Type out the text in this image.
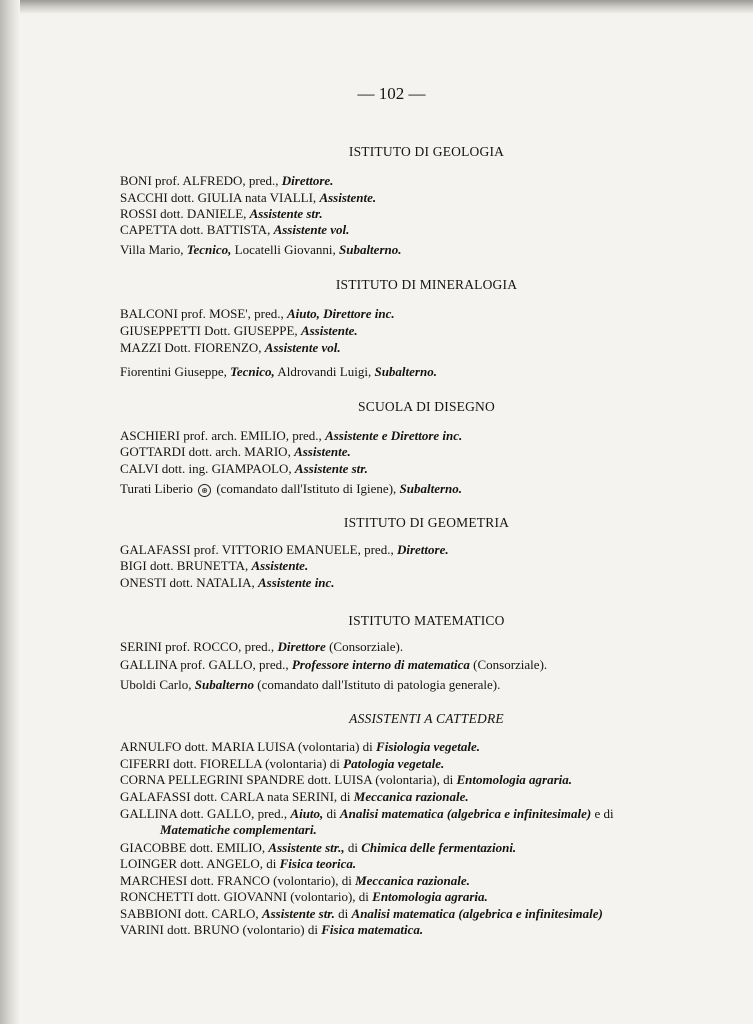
— 102 —
ISTITUTO DI GEOLOGIA
BONI prof. ALFREDO, pred., Direttore.
SACCHI dott. GIULIA nata VIALLI, Assistente.
ROSSI dott. DANIELE, Assistente str.
CAPETTA dott. BATTISTA, Assistente vol.
Villa Mario, Tecnico, Locatelli Giovanni, Subalterno.
ISTITUTO DI MINERALOGIA
BALCONI prof. MOSE', pred., Aiuto, Direttore inc.
GIUSEPPETTI Dott. GIUSEPPE, Assistente.
MAZZI Dott. FIORENZO, Assistente vol.
Fiorentini Giuseppe, Tecnico, Aldrovandi Luigi, Subalterno.
SCUOLA DI DISEGNO
ASCHIERI prof. arch. EMILIO, pred., Assistente e Direttore inc.
GOTTARDI dott. arch. MARIO, Assistente.
CALVI dott. ing. GIAMPAOLO, Assistente str.
Turati Liberio ⊛ (comandato dall'Istituto di Igiene), Subalterno.
ISTITUTO DI GEOMETRIA
GALAFASSI prof. VITTORIO EMANUELE, pred., Direttore.
BIGI dott. BRUNETTA, Assistente.
ONESTI dott. NATALIA, Assistente inc.
ISTITUTO MATEMATICO
SERINI prof. ROCCO, pred., Direttore (Consorziale).
GALLINA prof. GALLO, pred., Professore interno di matematica (Consorziale).
Uboldi Carlo, Subalterno (comandato dall'Istituto di patologia generale).
ASSISTENTI A CATTEDRE
ARNULFO dott. MARIA LUISA (volontaria) di Fisiologia vegetale.
CIFERRI dott. FIORELLA (volontaria) di Patologia vegetale.
CORNA PELLEGRINI SPANDRE dott. LUISA (volontaria), di Entomologia agraria.
GALAFASSI dott. CARLA nata SERINI, di Meccanica razionale.
GALLINA dott. GALLO, pred., Aiuto, di Analisi matematica (algebrica e infinitesimale) e di
Matematiche complementari.
GIACOBBE dott. EMILIO, Assistente str., di Chimica delle fermentazioni.
LOINGER dott. ANGELO, di Fisica teorica.
MARCHESI dott. FRANCO (volontario), di Meccanica razionale.
RONCHETTI dott. GIOVANNI (volontario), di Entomologia agraria.
SABBIONI dott. CARLO, Assistente str. di Analisi matematica (algebrica e infinitesimale)
VARINI dott. BRUNO (volontario) di Fisica matematica.
